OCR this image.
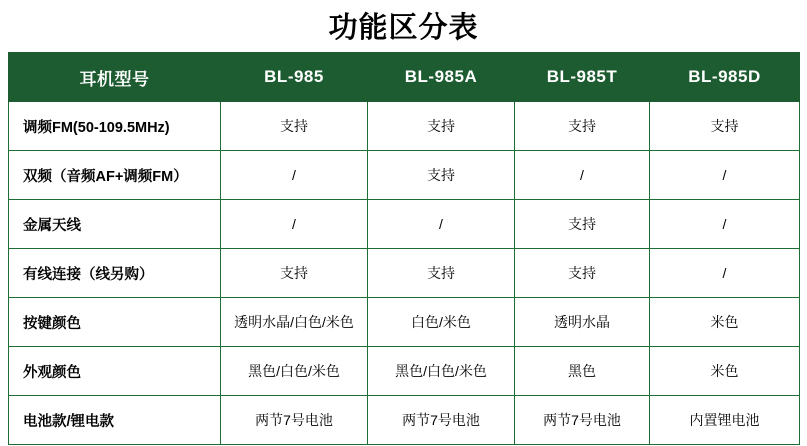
功能区分表
耳机型号	BL-985	BL-985A	BL-985T	BL-985D
调频FM(50-109.5MHz)	支持	支持	支持	支持
双频（音频AF+调频FM）	/	支持	/	/
金属天线	/	/	支持	/
有线连接（线另购）	支持	支持	支持	/
按键颜色	透明水晶/白色/米色	白色/米色	透明水晶	米色
外观颜色	黑色/白色/米色	黑色/白色/米色	黑色	米色
电池款/锂电款	两节7号电池	两节7号电池	两节7号电池	内置锂电池
